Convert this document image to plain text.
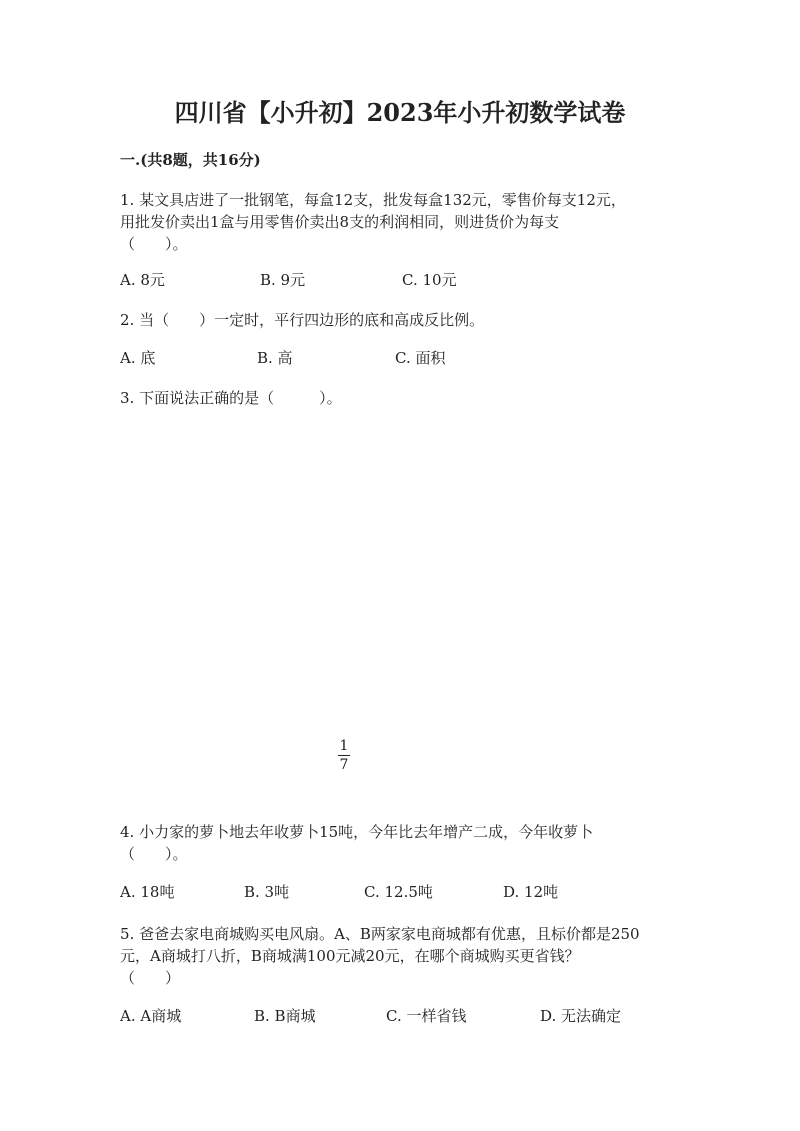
四川省【小升初】2023年小升初数学试卷
一.(共8题，共16分)
1. 某文具店进了一批钢笔，每盒12支，批发每盒132元，零售价每支12元，
用批发价卖出1盒与用零售价卖出8支的利润相同，则进货价为每支
（　　）。
A. 8元	B. 9元	C. 10元
2. 当（　　）一定时，平行四边形的底和高成反比例。
A. 底	B. 高	C. 面积
3. 下面说法正确的是（　　　）。
1
7
4. 小力家的萝卜地去年收萝卜15吨，今年比去年增产二成，今年收萝卜
（　　）。
A. 18吨	B. 3吨	C. 12.5吨	D. 12吨
5. 爸爸去家电商城购买电风扇。A、B两家家电商城都有优惠，且标价都是250
元，A商城打八折，B商城满100元减20元，在哪个商城购买更省钱？
（　　）
A. A商城	B. B商城	C. 一样省钱	D. 无法确定
